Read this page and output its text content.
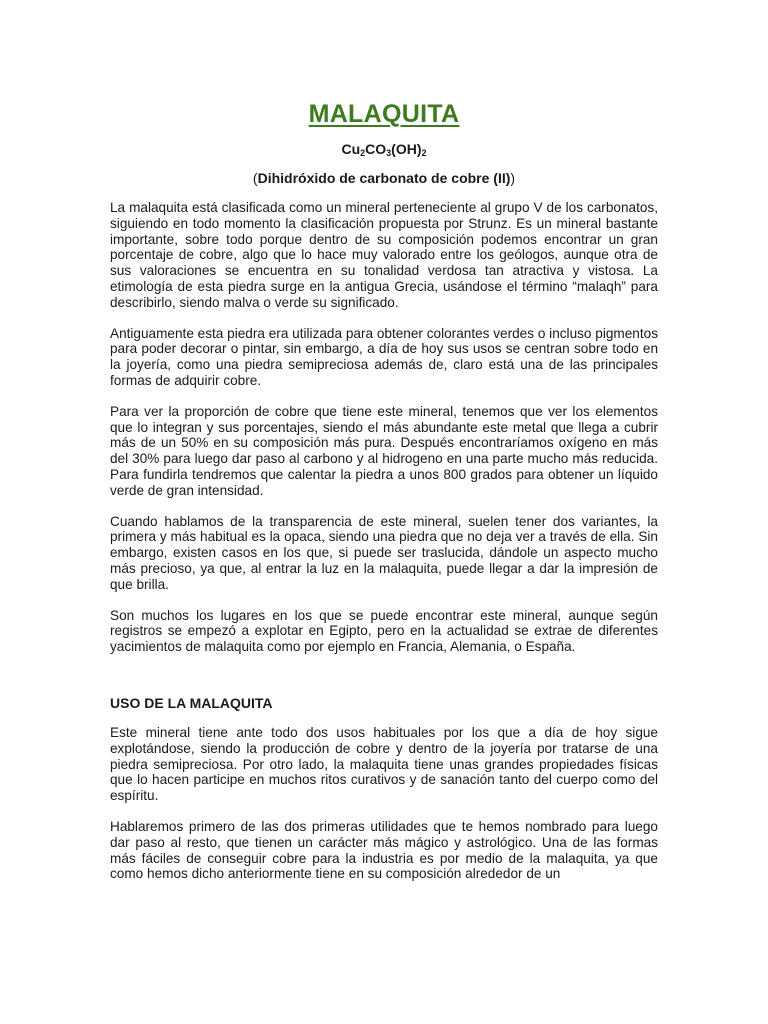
MALAQUITA
$Cu_2CO_3(OH)_2$
(Dihidróxido de carbonato de cobre (II))

La malaquita está clasificada como un mineral perteneciente al grupo V de los carbonatos, siguiendo en todo momento la clasificación propuesta por Strunz. Es un mineral bastante importante, sobre todo porque dentro de su composición podemos encontrar un gran porcentaje de cobre, algo que lo hace muy valorado entre los geólogos, aunque otra de sus valoraciones se encuentra en su tonalidad verdosa tan atractiva y vistosa. La etimología de esta piedra surge en la antigua Grecia, usándose el término “malaqh” para describirlo, siendo malva o verde su significado.

Antiguamente esta piedra era utilizada para obtener colorantes verdes o incluso pigmentos para poder decorar o pintar, sin embargo, a día de hoy sus usos se centran sobre todo en la joyería, como una piedra semipreciosa además de, claro está una de las principales formas de adquirir cobre.

Para ver la proporción de cobre que tiene este mineral, tenemos que ver los elementos que lo integran y sus porcentajes, siendo el más abundante este metal que llega a cubrir más de un 50% en su composición más pura. Después encontraríamos oxígeno en más del 30% para luego dar paso al carbono y al hidrogeno en una parte mucho más reducida. Para fundirla tendremos que calentar la piedra a unos 800 grados para obtener un líquido verde de gran intensidad.

Cuando hablamos de la transparencia de este mineral, suelen tener dos variantes, la primera y más habitual es la opaca, siendo una piedra que no deja ver a través de ella. Sin embargo, existen casos en los que, si puede ser traslucida, dándole un aspecto mucho más precioso, ya que, al entrar la luz en la malaquita, puede llegar a dar la impresión de que brilla.

Son muchos los lugares en los que se puede encontrar este mineral, aunque según registros se empezó a explotar en Egipto, pero en la actualidad se extrae de diferentes yacimientos de malaquita como por ejemplo en Francia, Alemania, o España.

USO DE LA MALAQUITA

Este mineral tiene ante todo dos usos habituales por los que a día de hoy sigue explotándose, siendo la producción de cobre y dentro de la joyería por tratarse de una piedra semipreciosa. Por otro lado, la malaquita tiene unas grandes propiedades físicas que lo hacen participe en muchos ritos curativos y de sanación tanto del cuerpo como del espíritu.

Hablaremos primero de las dos primeras utilidades que te hemos nombrado para luego dar paso al resto, que tienen un carácter más mágico y astrológico. Una de las formas más fáciles de conseguir cobre para la industria es por medio de la malaquita, ya que como hemos dicho anteriormente tiene en su composición alrededor de un
